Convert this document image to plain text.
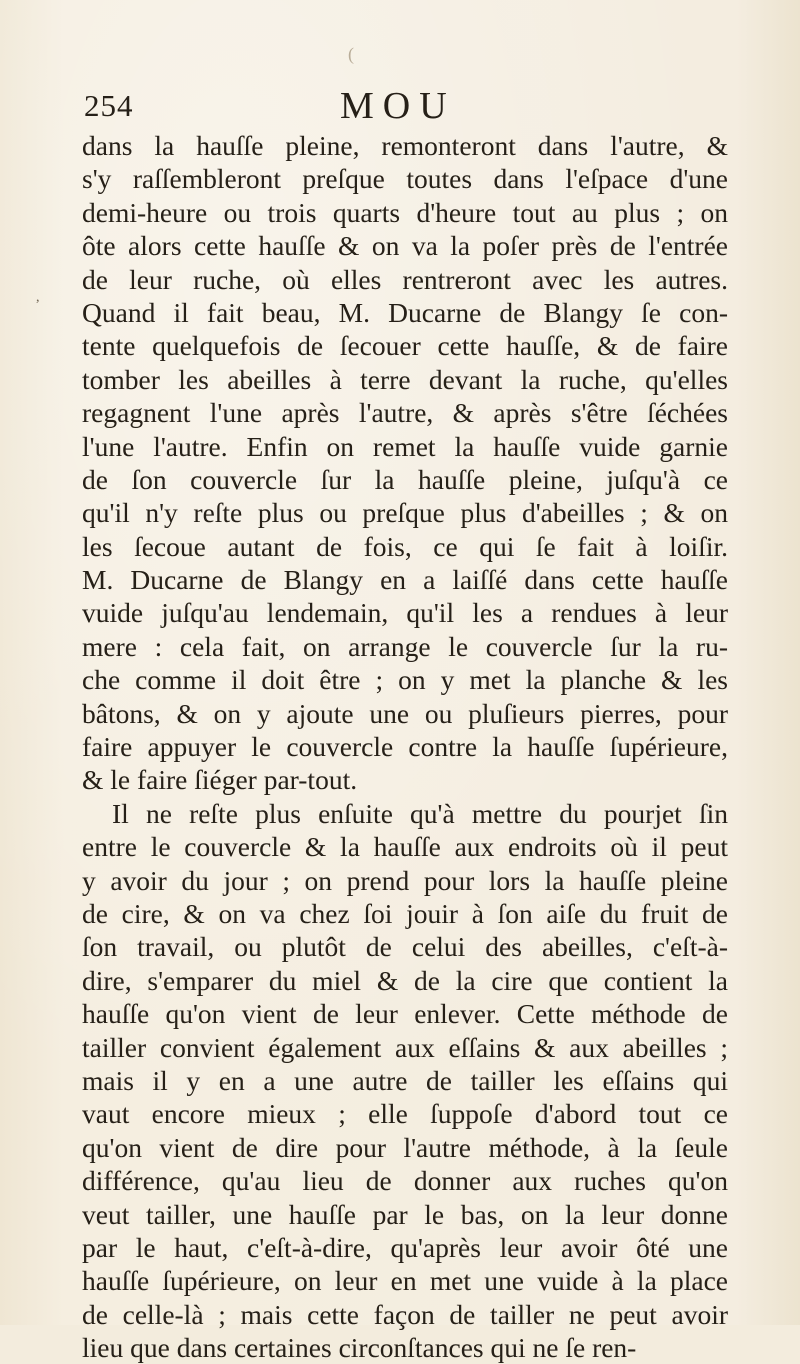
(
,
254	MOU
dans la hauſſe pleine, remonteront dans l'autre, &
s'y raſſembleront preſque toutes dans l'eſpace d'une
demi-heure ou trois quarts d'heure tout au plus ; on
ôte alors cette hauſſe & on va la poſer près de l'entrée
de leur ruche, où elles rentreront avec les autres.
Quand il fait beau, M. Ducarne de Blangy ſe con-
tente quelquefois de ſecouer cette hauſſe, & de faire
tomber les abeilles à terre devant la ruche, qu'elles
regagnent l'une après l'autre, & après s'être ſéchées
l'une l'autre. Enfin on remet la hauſſe vuide garnie
de ſon couvercle ſur la hauſſe pleine, juſqu'à ce
qu'il n'y reſte plus ou preſque plus d'abeilles ; & on
les ſecoue autant de fois, ce qui ſe fait à loiſir.
M. Ducarne de Blangy en a laiſſé dans cette hauſſe
vuide juſqu'au lendemain, qu'il les a rendues à leur
mere : cela fait, on arrange le couvercle ſur la ru-
che comme il doit être ; on y met la planche & les
bâtons, & on y ajoute une ou pluſieurs pierres, pour
faire appuyer le couvercle contre la hauſſe ſupérieure,
& le faire ſiéger par-tout.
Il ne reſte plus enſuite qu'à mettre du pourjet ſin
entre le couvercle & la hauſſe aux endroits où il peut
y avoir du jour ; on prend pour lors la hauſſe pleine
de cire, & on va chez ſoi jouir à ſon aiſe du fruit de
ſon travail, ou plutôt de celui des abeilles, c'eſt-à-
dire, s'emparer du miel & de la cire que contient la
hauſſe qu'on vient de leur enlever. Cette méthode de
tailler convient également aux eſſains & aux abeilles ;
mais il y en a une autre de tailler les eſſains qui
vaut encore mieux ; elle ſuppoſe d'abord tout ce
qu'on vient de dire pour l'autre méthode, à la ſeule
différence, qu'au lieu de donner aux ruches qu'on
veut tailler, une hauſſe par le bas, on la leur donne
par le haut, c'eſt-à-dire, qu'après leur avoir ôté une
hauſſe ſupérieure, on leur en met une vuide à la place
de celle-là ; mais cette façon de tailler ne peut avoir
lieu que dans certaines circonſtances qui ne ſe ren-
